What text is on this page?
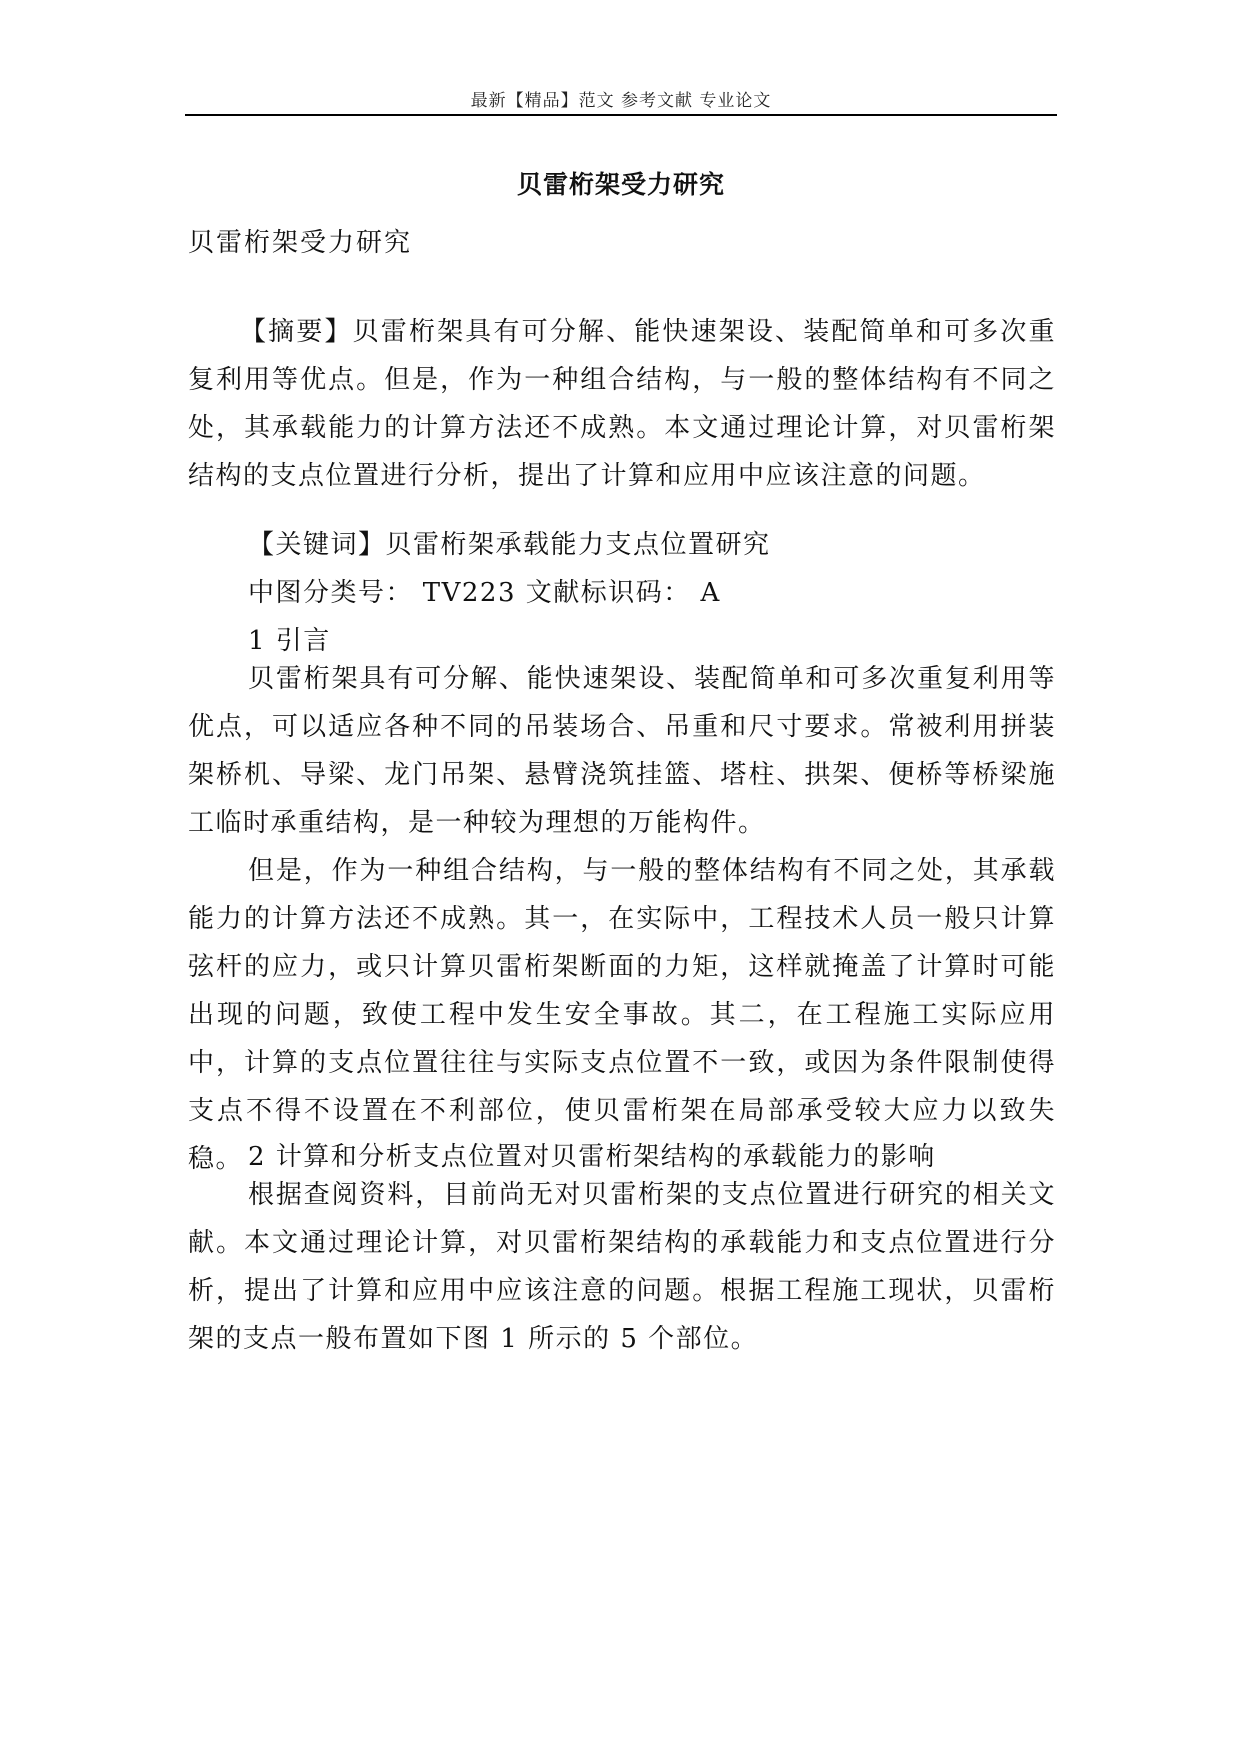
最新【精品】范文 参考文献 专业论文
贝雷桁架受力研究
贝雷桁架受力研究
【摘要】贝雷桁架具有可分解、能快速架设、装配简单和可多次重复利用等优点。但是，作为一种组合结构，与一般的整体结构有不同之处，其承载能力的计算方法还不成熟。本文通过理论计算，对贝雷桁架结构的支点位置进行分析，提出了计算和应用中应该注意的问题。
【关键词】贝雷桁架承载能力支点位置研究
中图分类号： TV223 文献标识码： A
1 引言
贝雷桁架具有可分解、能快速架设、装配简单和可多次重复利用等优点，可以适应各种不同的吊装场合、吊重和尺寸要求。常被利用拼装架桥机、导梁、龙门吊架、悬臂浇筑挂篮、塔柱、拱架、便桥等桥梁施工临时承重结构，是一种较为理想的万能构件。
但是，作为一种组合结构，与一般的整体结构有不同之处，其承载能力的计算方法还不成熟。其一，在实际中，工程技术人员一般只计算弦杆的应力，或只计算贝雷桁架断面的力矩，这样就掩盖了计算时可能出现的问题，致使工程中发生安全事故。其二，在工程施工实际应用中，计算的支点位置往往与实际支点位置不一致，或因为条件限制使得支点不得不设置在不利部位，使贝雷桁架在局部承受较大应力以致失稳。 2 计算和分析支点位置对贝雷桁架结构的承载能力的影响
根据查阅资料，目前尚无对贝雷桁架的支点位置进行研究的相关文献。本文通过理论计算，对贝雷桁架结构的承载能力和支点位置进行分析，提出了计算和应用中应该注意的问题。根据工程施工现状，贝雷桁架的支点一般布置如下图 1 所示的 5 个部位。
